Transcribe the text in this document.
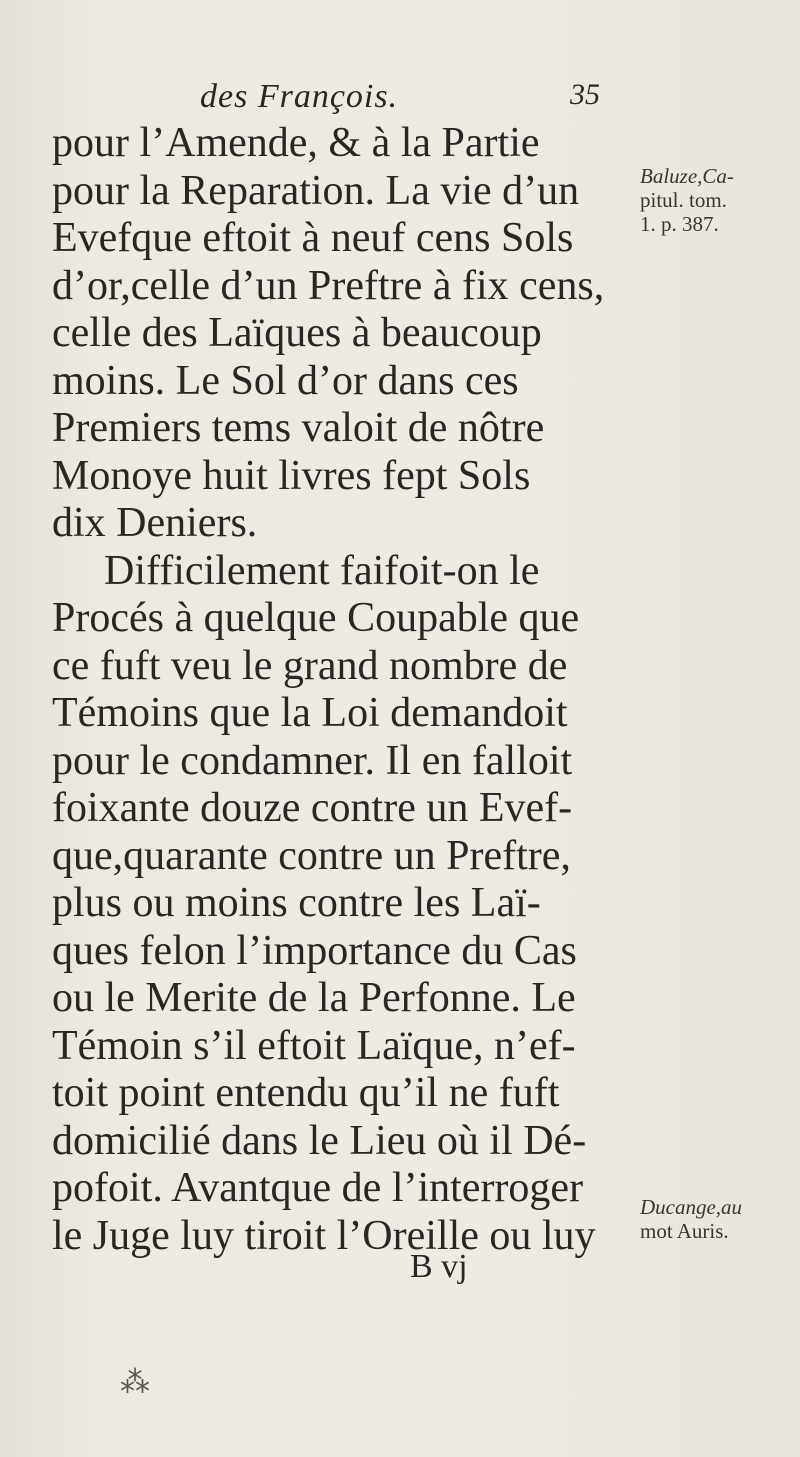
des François.	35
pour l’Amende, & à la Partie
pour la Reparation. La vie d’un
Evefque eftoit à neuf cens Sols
d’or,celle d’un Preftre à fix cens,
celle des Laïques à beaucoup
moins. Le Sol d’or dans ces
Premiers tems valoit de nôtre
Monoye huit livres fept Sols
dix Deniers.
Difficilement faifoit-on le
Procés à quelque Coupable que
ce fuft veu le grand nombre de
Témoins que la Loi demandoit
pour le condamner. Il en falloit
foixante douze contre un Evef-
que,quarante contre un Preftre,
plus ou moins contre les Laï-
ques felon l’importance du Cas
ou le Merite de la Perfonne. Le
Témoin s’il eftoit Laïque, n’ef-
toit point entendu qu’il ne fuft
domicilié dans le Lieu où il Dé-
pofoit. Avantque de l’interroger
le Juge luy tiroit l’Oreille ou luy
Baluze,Ca-
pitul. tom.
1. p. 387.
Ducange,au
mot Auris.
B vj
⁂
